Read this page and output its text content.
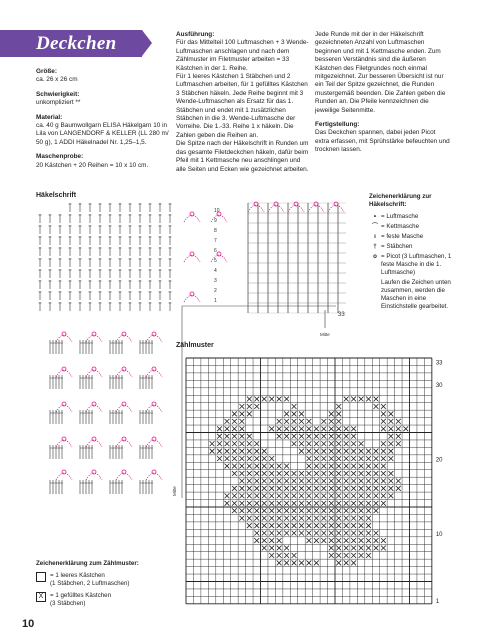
Deckchen

Größe:

ca. 26 x 26 cm

Schwierigkeit:

unkompliziert **

Material:

ca. 40 g Baumwollgarn ELISA Häkelgarn 10 in Lila von LANGENDORF & KELLER (LL 280 m/ 50 g), 1 ADDI Häkelnadel Nr. 1,25–1,5.

Maschenprobe:

20 Kästchen + 20 Reihen = 10 x 10 cm.

Ausführung:

Für das Mittelteil 100 Luftmaschen + 3 Wende-Luftmaschen anschlagen und nach dem Zählmuster im Filetmuster arbeiten = 33 Kästchen in der 1. Reihe.

Für 1 leeres Kästchen 1 Stäbchen und 2 Luftmaschen arbeiten, für 1 gefülltes Kästchen 3 Stäbchen häkeln. Jede Reihe beginnt mit 3 Wende-Luftmaschen als Ersatz für das 1. Stäbchen und endet mit 1 zusätzlichen Stäbchen in die 3. Wende-Luftmasche der Vorreihe. Die 1.-33. Reihe 1 x häkeln. Die Zahlen geben die Reihen an.

Die Spitze nach der Häkelschrift in Runden um das gesamte Filetdeckchen häkeln, dafür beim Pfeil mit 1 Kettmasche neu anschlingen und alle Seiten und Ecken wie gezeichnet arbeiten.

Jede Runde mit der in der Häkelschrift gezeichneten Anzahl von Luftmaschen beginnen und mit 1 Kettmasche enden. Zum besseren Verständnis sind die äußeren Kästchen des Filetgrundes noch einmal mitgezeichnet. Zur besseren Übersicht ist nur ein Teil der Spitze gezeichnet, die Runden mustergemäß beenden. Die Zahlen geben die Runden an. Die Pfeile kennzeichnen die jeweilige Seitenmitte.

Fertigstellung:

Das Deckchen spannen, dabei jeden Picot extra erfassen, mit Sprühstärke befeuchten und trocknen lassen.

Häkelschrift
10
9
8
7
6
5
4
3
2
1
33
Mitte
Mitte
Zeichenerklärung zur Häkelschrift:
• = Luftmasche
⌒ = Kettmasche
ı = feste Masche
† = Stäbchen
o = Picot (3 Luftmaschen, 1 feste Masche in die 1. Luftmasche)
Laufen die Zeichen unten zusammen, werden die Maschen in eine Einstichstelle gearbeitet.
Zählmuster
33
30
20
10
1
Zeichenerklärung zum Zählmuster:
= 1 leeres Kästchen
(1 Stäbchen, 2 Luftmaschen)
X	= 1 gefülltes Kästchen
(3 Stäbchen)
10
